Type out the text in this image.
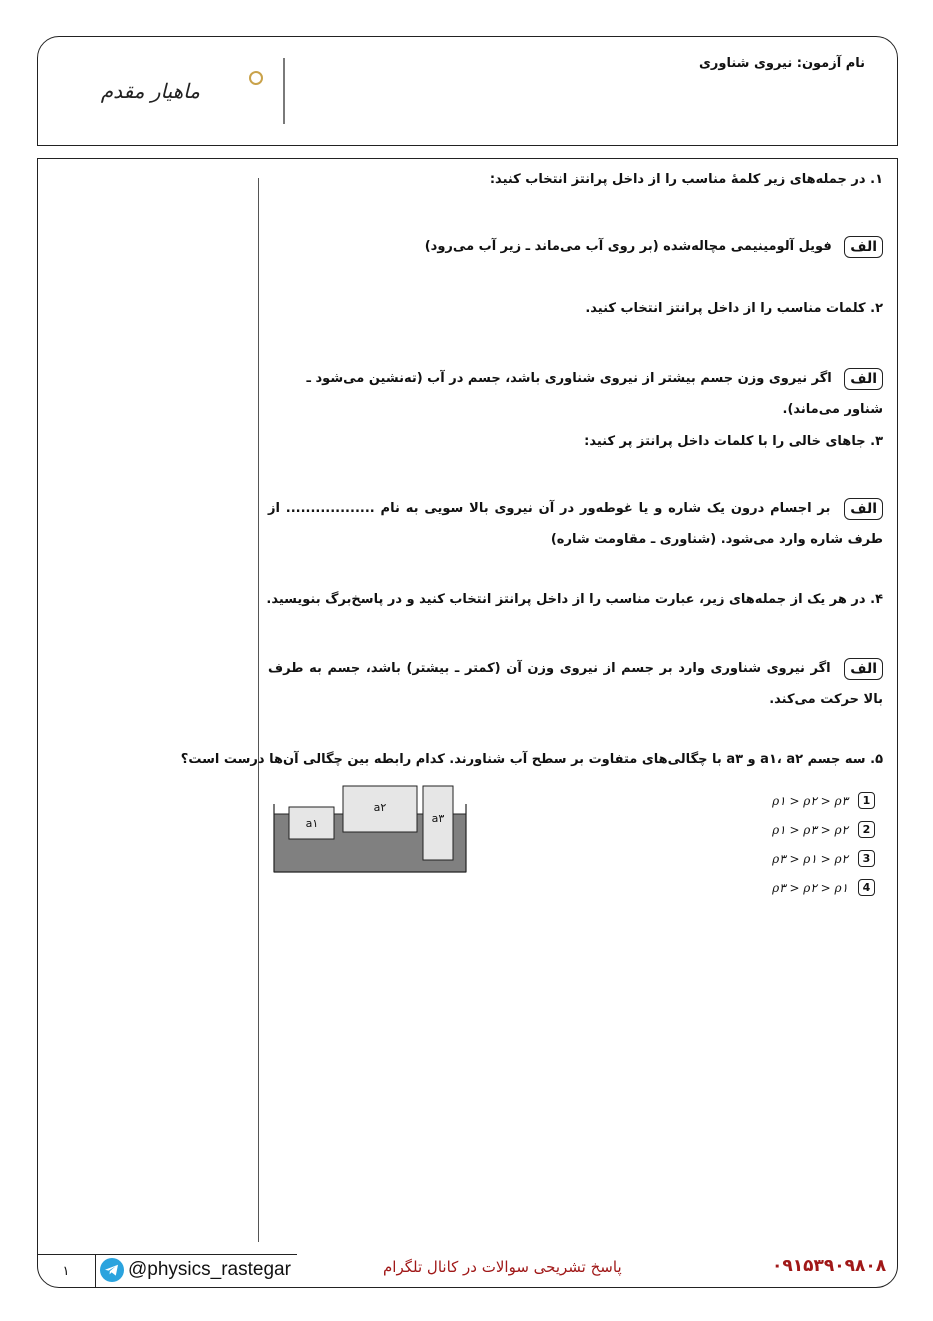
نام آزمون: نیروی شناوری
ماهیار مقدم
۱. در جمله‌های زیر کلمهٔ مناسب را از داخل پرانتز انتخاب کنید:
الف فویل آلومینیمی مچاله‌شده (بر روی آب می‌ماند ـ زیر آب می‌رود)
۲. کلمات مناسب را از داخل پرانتز انتخاب کنید.
الف اگر نیروی وزن جسم بیشتر از نیروی شناوری باشد، جسم در آب (ته‌نشین می‌شود ـ شناور می‌ماند).
۳. جاهای خالی را با کلمات داخل پرانتز پر کنید:
الف بر اجسام درون یک شاره و یا غوطه‌ور در آن نیروی بالا سویی به نام .................. از طرف شاره وارد می‌شود. (شناوری ـ مقاومت شاره)
۴. در هر یک از جمله‌های زیر، عبارت مناسب را از داخل پرانتز انتخاب کنید و در پاسخ‌برگ بنویسید.
الف اگر نیروی شناوری وارد بر جسم از نیروی وزن آن (کمتر ـ بیشتر) باشد، جسم به طرف بالا حرکت می‌کند.
۵. سه جسم a۱، a۲ و a۳ با چگالی‌های متفاوت بر سطح آب شناورند. کدام رابطه بین چگالی آن‌ها درست است؟
1
ρ۱ > ρ۲ > ρ۳
2
ρ۱ > ρ۳ > ρ۲
3
ρ۳ > ρ۱ > ρ۲
4
ρ۳ > ρ۲ > ρ۱
a۱
a۲
a۳
۱	@physics_rastegar	پاسخ تشریحی سوالات در کانال تلگرام	۰۹۱۵۳۹۰۹۸۰۸
